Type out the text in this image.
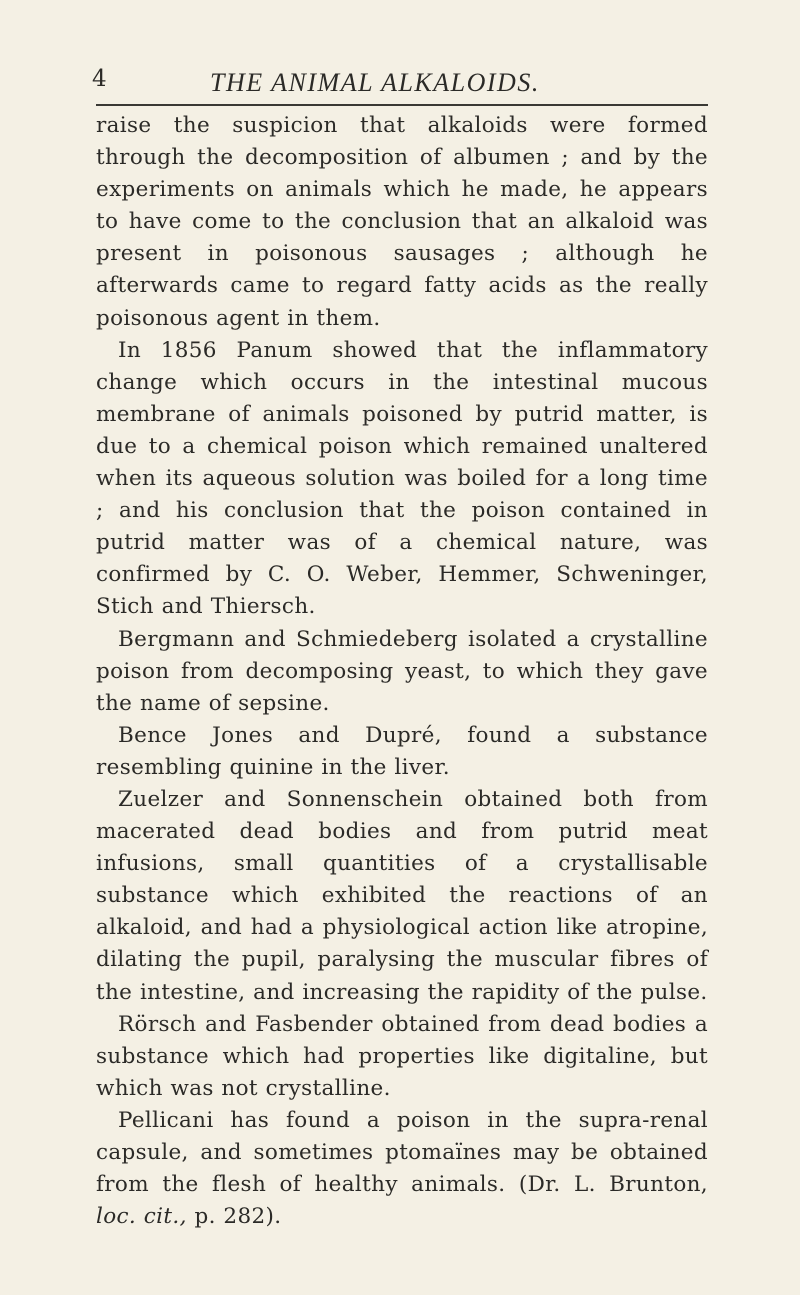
4	THE ANIMAL ALKALOIDS.

raise the suspicion that alkaloids were formed through the decomposition of albumen ; and by the experiments on animals which he made, he appears to have come to the conclusion that an alkaloid was present in poisonous sausages ; although he afterwards came to regard fatty acids as the really poisonous agent in them.

In 1856 Panum showed that the inflammatory change which occurs in the intestinal mucous membrane of animals poisoned by putrid matter, is due to a chemical poison which remained unaltered when its aqueous solution was boiled for a long time ; and his conclusion that the poison contained in putrid matter was of a chemical nature, was confirmed by C. O. Weber, Hemmer, Schweninger, Stich and Thiersch.

Bergmann and Schmiedeberg isolated a crystalline poison from decomposing yeast, to which they gave the name of sepsine.

Bence Jones and Dupré, found a substance resembling quinine in the liver.

Zuelzer and Sonnenschein obtained both from macerated dead bodies and from putrid meat infusions, small quantities of a crystallisable substance which exhibited the reactions of an alkaloid, and had a physiological action like atropine, dilating the pupil, paralysing the muscular fibres of the intestine, and increasing the rapidity of the pulse.

Rörsch and Fasbender obtained from dead bodies a substance which had properties like digitaline, but which was not crystalline.

Pellicani has found a poison in the supra-renal capsule, and sometimes ptomaïnes may be obtained from the flesh of healthy animals. (Dr. L. Brunton, loc. cit., p. 282).
